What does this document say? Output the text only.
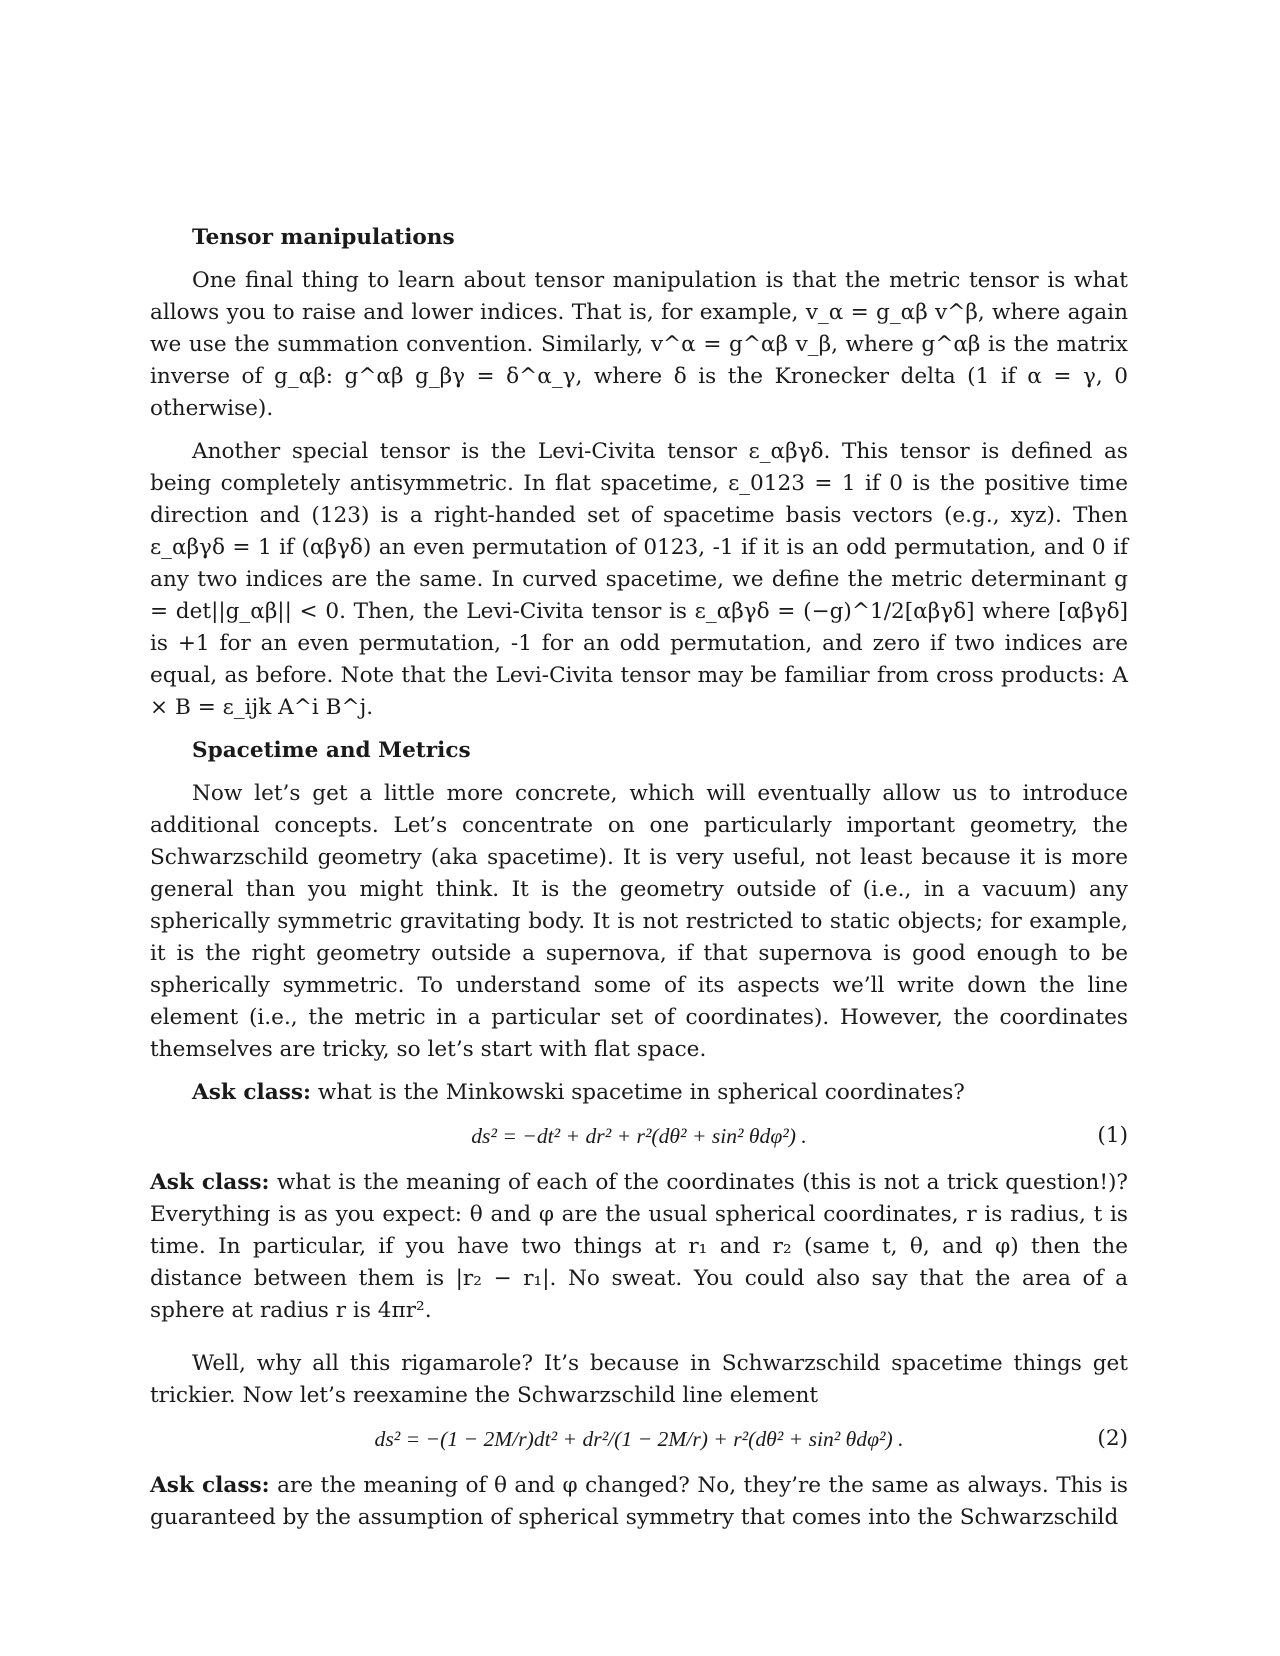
Tensor manipulations

One final thing to learn about tensor manipulation is that the metric tensor is what allows you to raise and lower indices. That is, for example, v_α = g_αβ v^β, where again we use the summation convention. Similarly, v^α = g^αβ v_β, where g^αβ is the matrix inverse of g_αβ: g^αβ g_βγ = δ^α_γ, where δ is the Kronecker delta (1 if α = γ, 0 otherwise).

Another special tensor is the Levi-Civita tensor ε_αβγδ. This tensor is defined as being completely antisymmetric. In flat spacetime, ε_0123 = 1 if 0 is the positive time direction and (123) is a right-handed set of spacetime basis vectors (e.g., xyz). Then ε_αβγδ = 1 if (αβγδ) an even permutation of 0123, -1 if it is an odd permutation, and 0 if any two indices are the same. In curved spacetime, we define the metric determinant g = det||g_αβ|| < 0. Then, the Levi-Civita tensor is ε_αβγδ = (−g)^1/2[αβγδ] where [αβγδ] is +1 for an even permutation, -1 for an odd permutation, and zero if two indices are equal, as before. Note that the Levi-Civita tensor may be familiar from cross products: A × B = ε_ijk A^i B^j.

Spacetime and Metrics

Now let’s get a little more concrete, which will eventually allow us to introduce additional concepts. Let’s concentrate on one particularly important geometry, the Schwarzschild geometry (aka spacetime). It is very useful, not least because it is more general than you might think. It is the geometry outside of (i.e., in a vacuum) any spherically symmetric gravitating body. It is not restricted to static objects; for example, it is the right geometry outside a supernova, if that supernova is good enough to be spherically symmetric. To understand some of its aspects we’ll write down the line element (i.e., the metric in a particular set of coordinates). However, the coordinates themselves are tricky, so let’s start with flat space.

Ask class: what is the Minkowski spacetime in spherical coordinates?

ds² = −dt² + dr² + r²(dθ² + sin² θdφ²) .	(1)

Ask class: what is the meaning of each of the coordinates (this is not a trick question!)? Everything is as you expect: θ and φ are the usual spherical coordinates, r is radius, t is time. In particular, if you have two things at r₁ and r₂ (same t, θ, and φ) then the distance between them is |r₂ − r₁|. No sweat. You could also say that the area of a sphere at radius r is 4πr².

Well, why all this rigamarole? It’s because in Schwarzschild spacetime things get trickier. Now let’s reexamine the Schwarzschild line element

ds² = −(1 − 2M/r)dt² + dr²/(1 − 2M/r) + r²(dθ² + sin² θdφ²) .	(2)

Ask class: are the meaning of θ and φ changed? No, they’re the same as always. This is guaranteed by the assumption of spherical symmetry that comes into the Schwarzschild
